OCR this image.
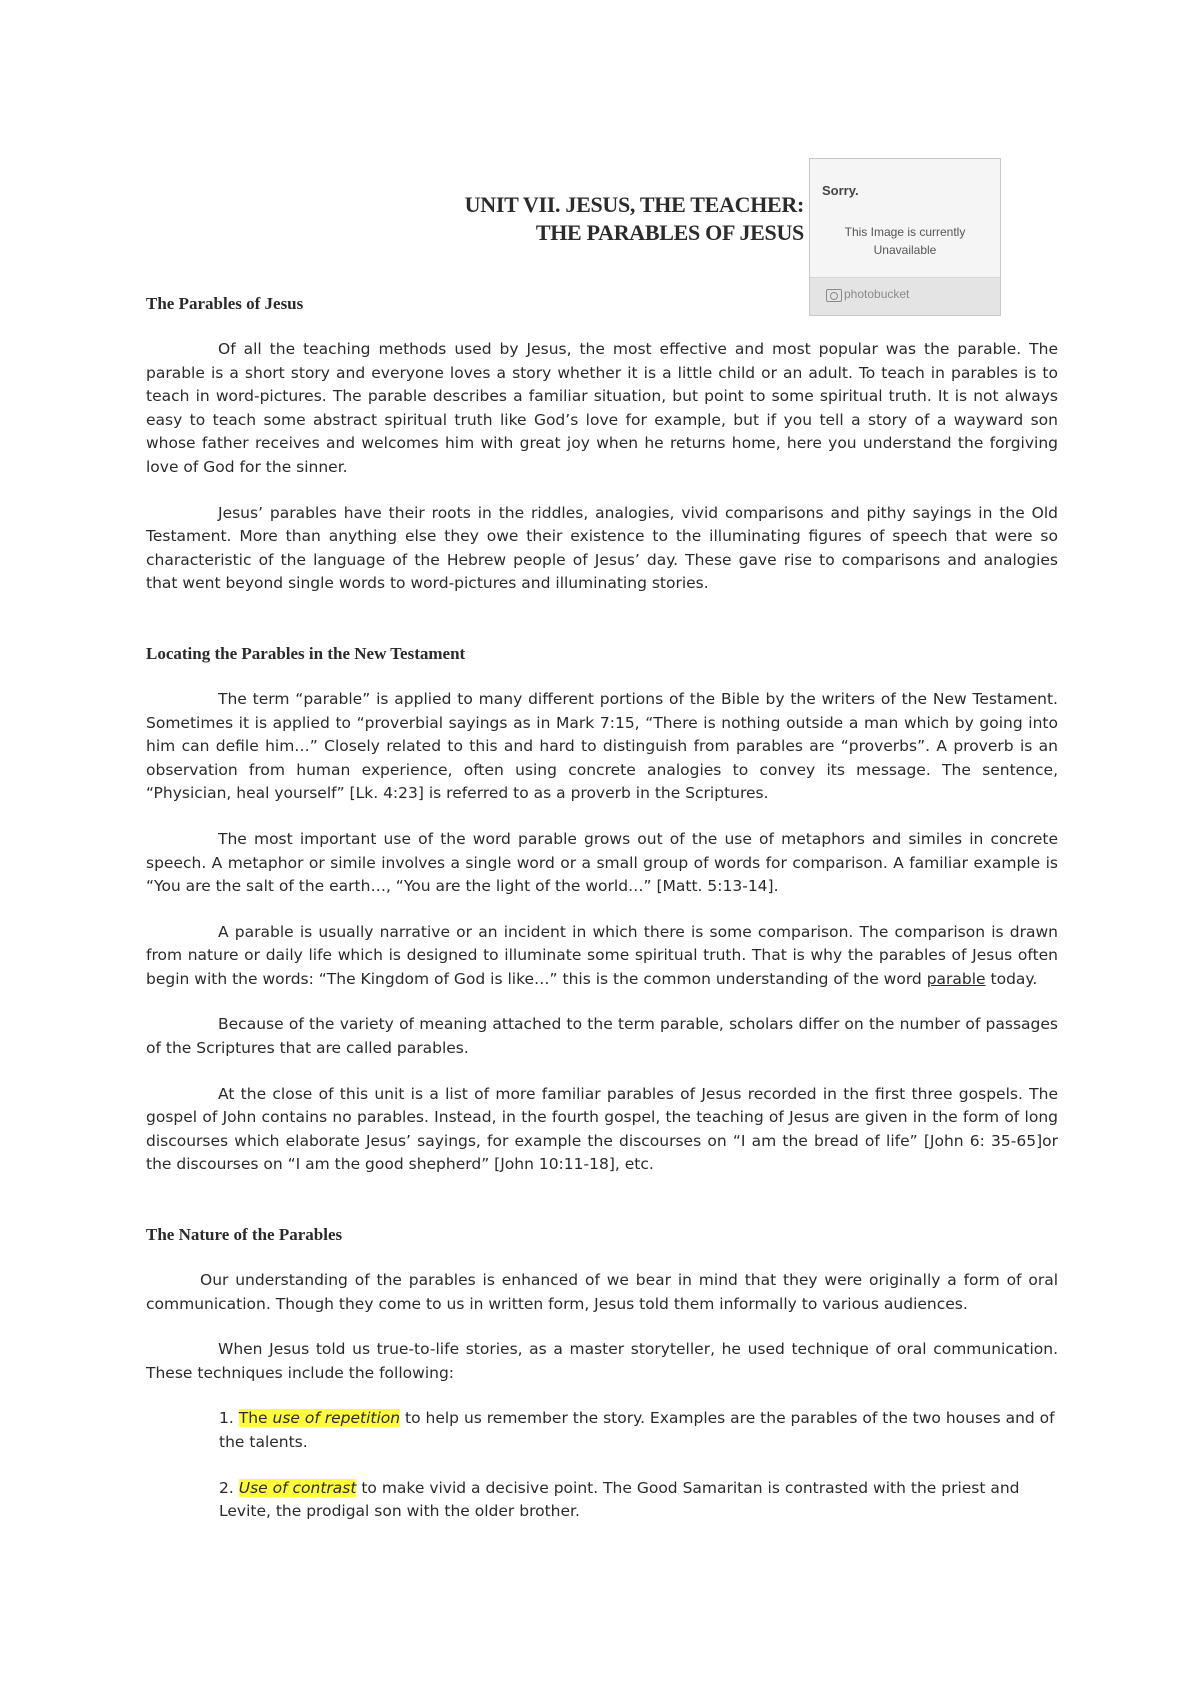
UNIT VII. JESUS, THE TEACHER:
THE PARABLES OF JESUS
Sorry.
This Image is currently
Unavailable
photobucket
The Parables of Jesus

Of all the teaching methods used by Jesus, the most effective and most popular was the parable. The parable is a short story and everyone loves a story whether it is a little child or an adult. To teach in parables is to teach in word-pictures. The parable describes a familiar situation, but point to some spiritual truth. It is not always easy to teach some abstract spiritual truth like God’s love for example, but if you tell a story of a wayward son whose father receives and welcomes him with great joy when he returns home, here you understand the forgiving love of God for the sinner.

Jesus’ parables have their roots in the riddles, analogies, vivid comparisons and pithy sayings in the Old Testament. More than anything else they owe their existence to the illuminating figures of speech that were so characteristic of the language of the Hebrew people of Jesus’ day. These gave rise to comparisons and analogies that went beyond single words to word-pictures and illuminating stories.

Locating the Parables in the New Testament

The term “parable” is applied to many different portions of the Bible by the writers of the New Testament. Sometimes it is applied to “proverbial sayings as in Mark 7:15, “There is nothing outside a man which by going into him can defile him…” Closely related to this and hard to distinguish from parables are “proverbs”. A proverb is an observation from human experience, often using concrete analogies to convey its message. The sentence, “Physician, heal yourself” [Lk. 4:23] is referred to as a proverb in the Scriptures.

The most important use of the word parable grows out of the use of metaphors and similes in concrete speech. A metaphor or simile involves a single word or a small group of words for comparison. A familiar example is “You are the salt of the earth…, “You are the light of the world…” [Matt. 5:13-14].

A parable is usually narrative or an incident in which there is some comparison. The comparison is drawn from nature or daily life which is designed to illuminate some spiritual truth. That is why the parables of Jesus often begin with the words: “The Kingdom of God is like…” this is the common understanding of the word parable today.

Because of the variety of meaning attached to the term parable, scholars differ on the number of passages of the Scriptures that are called parables.

At the close of this unit is a list of more familiar parables of Jesus recorded in the first three gospels. The gospel of John contains no parables. Instead, in the fourth gospel, the teaching of Jesus are given in the form of long discourses which elaborate Jesus’ sayings, for example the discourses on “I am the bread of life” [John 6: 35-65]or the discourses on “I am the good shepherd” [John 10:11-18], etc.

The Nature of the Parables

Our understanding of the parables is enhanced of we bear in mind that they were originally a form of oral communication. Though they come to us in written form, Jesus told them informally to various audiences.

When Jesus told us true-to-life stories, as a master storyteller, he used technique of oral communication. These techniques include the following:

1. The use of repetition to help us remember the story. Examples are the parables of the two houses and of the talents.

2. Use of contrast to make vivid a decisive point. The Good Samaritan is contrasted with the priest and Levite, the prodigal son with the older brother.
